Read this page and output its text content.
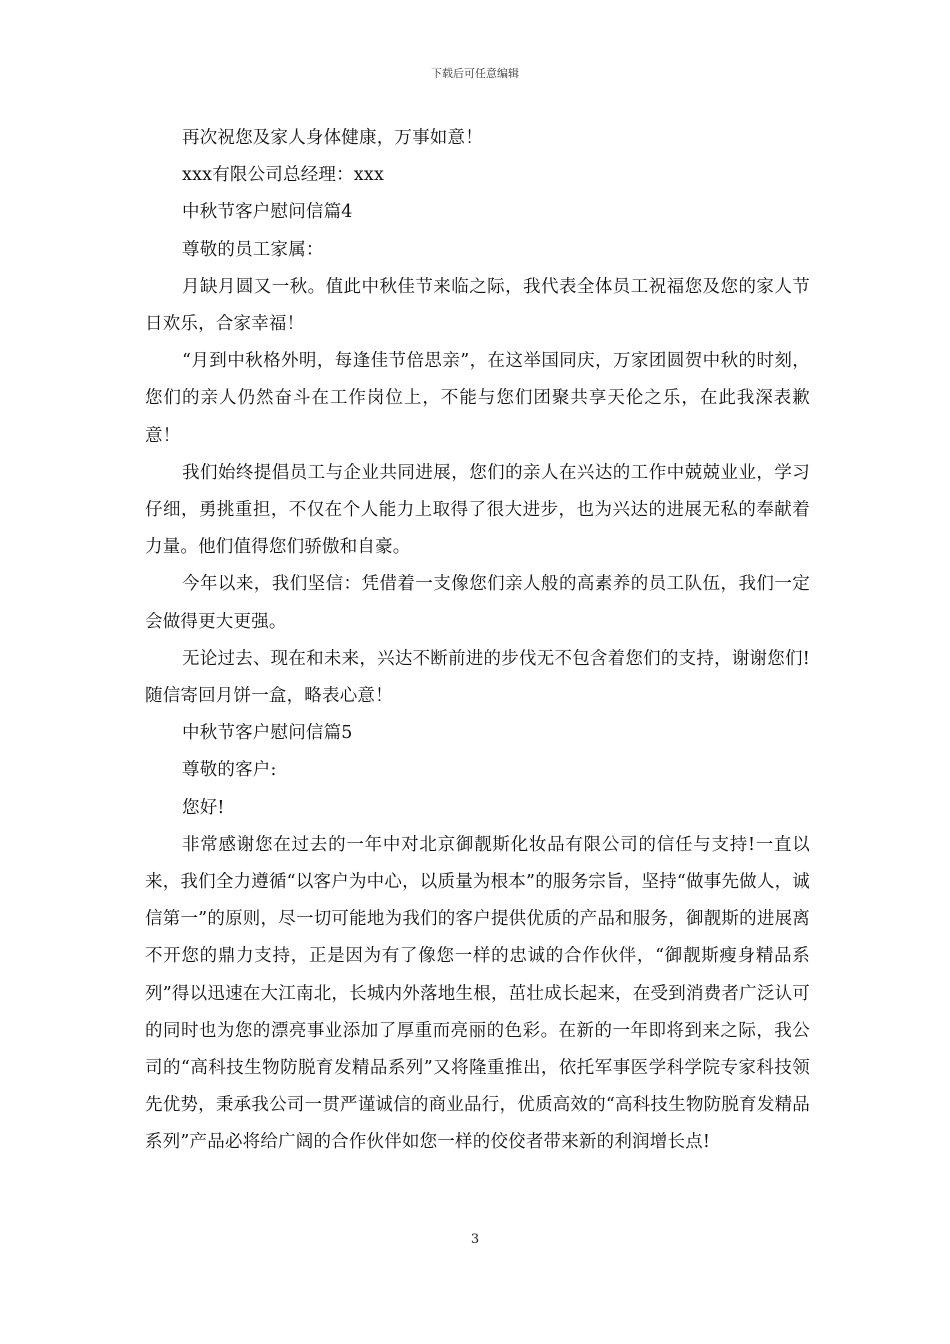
下载后可任意编辑

再次祝您及家人身体健康，万事如意！

xxx有限公司总经理：xxx

中秋节客户慰问信篇4

尊敬的员工家属：

月缺月圆又一秋。值此中秋佳节来临之际，我代表全体员工祝福您及您的家人节日欢乐，合家幸福！

“月到中秋格外明，每逢佳节倍思亲”，在这举国同庆，万家团圆贺中秋的时刻，您们的亲人仍然奋斗在工作岗位上，不能与您们团聚共享天伦之乐，在此我深表歉意！

我们始终提倡员工与企业共同进展，您们的亲人在兴达的工作中兢兢业业，学习仔细，勇挑重担，不仅在个人能力上取得了很大进步，也为兴达的进展无私的奉献着力量。他们值得您们骄傲和自豪。

今年以来，我们坚信：凭借着一支像您们亲人般的高素养的员工队伍，我们一定会做得更大更强。

无论过去、现在和未来，兴达不断前进的步伐无不包含着您们的支持，谢谢您们!随信寄回月饼一盒，略表心意！

中秋节客户慰问信篇5

尊敬的客户:

您好!

非常感谢您在过去的一年中对北京御靓斯化妆品有限公司的信任与支持!一直以来，我们全力遵循“以客户为中心，以质量为根本”的服务宗旨，坚持“做事先做人，诚信第一”的原则，尽一切可能地为我们的客户提供优质的产品和服务，御靓斯的进展离不开您的鼎力支持，正是因为有了像您一样的忠诚的合作伙伴，“御靓斯瘦身精品系列”得以迅速在大江南北，长城内外落地生根，茁壮成长起来，在受到消费者广泛认可的同时也为您的漂亮事业添加了厚重而亮丽的色彩。在新的一年即将到来之际，我公司的“高科技生物防脱育发精品系列”又将隆重推出，依托军事医学科学院专家科技领先优势，秉承我公司一贯严谨诚信的商业品行，优质高效的“高科技生物防脱育发精品系列”产品必将给广阔的合作伙伴如您一样的佼佼者带来新的利润增长点!

3
